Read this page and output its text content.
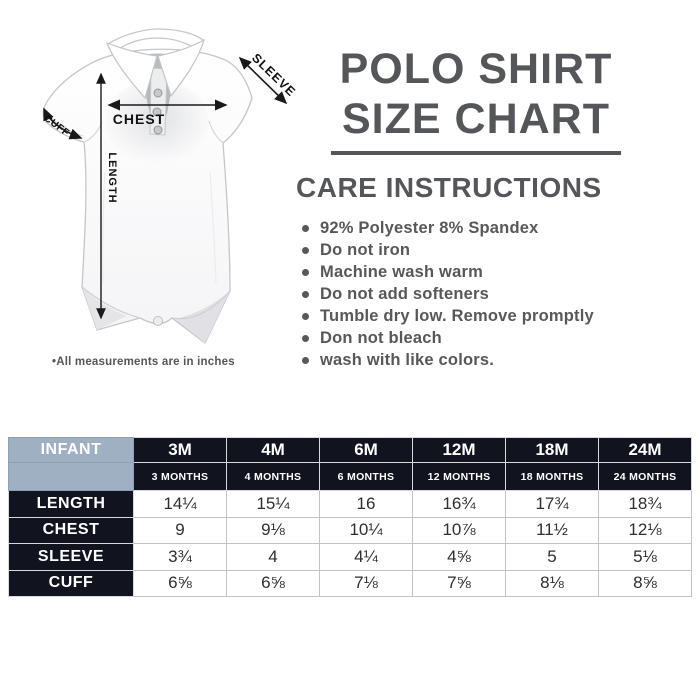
CHEST
LENGTH
SLEEVE
CUFF
•All measurements are in inches
POLO SHIRT
SIZE CHART
CARE INSTRUCTIONS
92% Polyester 8% Spandex
Do not iron
Machine wash warm
Do not add softeners
Tumble dry low. Remove promptly
Don not bleach
wash with like colors.
INFANT	3M	4M	6M	12M	18M	24M
	3 MONTHS	4 MONTHS	6 MONTHS	12 MONTHS	18 MONTHS	24 MONTHS
LENGTH	14¼	15¼	16	16¾	17¾	18¾
CHEST	9	9⅛	10¼	10⅞	11½	12⅛
SLEEVE	3¾	4	4¼	4⅝	5	5⅛
CUFF	6⅝	6⅝	7⅛	7⅝	8⅛	8⅝
